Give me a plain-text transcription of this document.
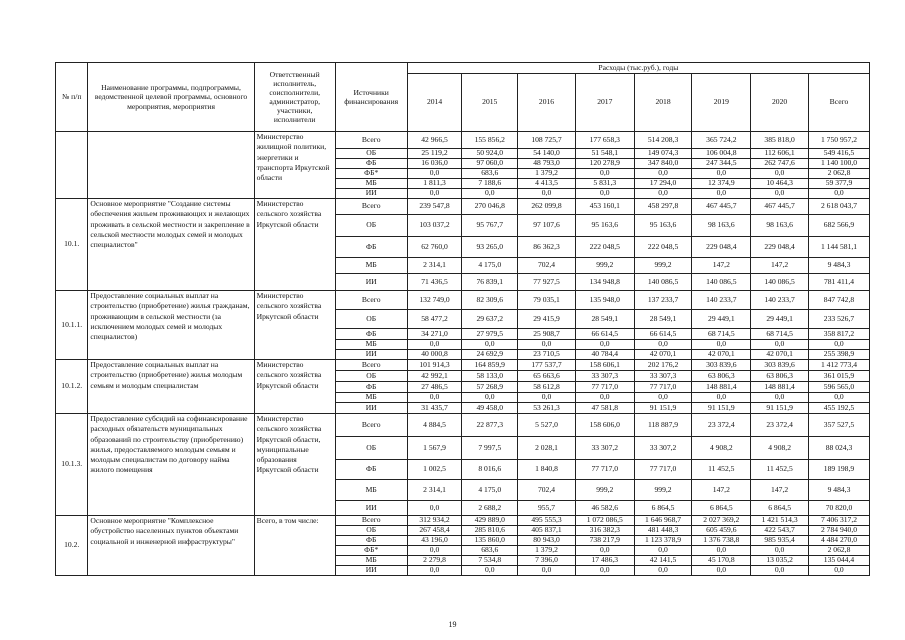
№ п/п	Наименование программы, подпрограммы, ведомственной целевой программы, основного мероприятия, мероприятия	Ответственный исполнитель, соисполнители, администратор, участники, исполнители	Источники финансирования	Расходы (тыс.руб.), годы							
				2014	2015	2016	2017	2018	2019	2020	Всего
		Министерство жилищной политики, энергетики и транспорта Иркутской области	Всего	42 966,5	155 856,2	108 725,7	177 658,3	514 208,3	365 724,2	385 818,0	1 750 957,2
			ОБ	25 119,2	50 924,0	54 140,0	51 548,1	149 074,3	106 004,8	112 606,1	549 416,5
			ФБ	16 036,0	97 060,0	48 793,0	120 278,9	347 840,0	247 344,5	262 747,6	1 140 100,0
			ФБ*	0,0	683,6	1 379,2	0,0	0,0	0,0	0,0	2 062,8
			МБ	1 811,3	7 188,6	4 413,5	5 831,3	17 294,0	12 374,9	10 464,3	59 377,9
			ИИ	0,0	0,0	0,0	0,0	0,0	0,0	0,0	0,0
10.1.	Основное мероприятие "Создание системы обеспечения жильем проживающих и желающих проживать в сельской местности и закрепление в сельской местности молодых семей и молодых специалистов"	Министерство сельского хозяйства Иркутской области	Всего	239 547,8	270 046,8	262 099,8	453 160,1	458 297,8	467 445,7	467 445,7	2 618 043,7
			ОБ	103 037,2	95 767,7	97 107,6	95 163,6	95 163,6	98 163,6	98 163,6	682 566,9
			ФБ	62 760,0	93 265,0	86 362,3	222 048,5	222 048,5	229 048,4	229 048,4	1 144 581,1
			МБ	2 314,1	4 175,0	702,4	999,2	999,2	147,2	147,2	9 484,3
			ИИ	71 436,5	76 839,1	77 927,5	134 948,8	140 086,5	140 086,5	140 086,5	781 411,4
10.1.1.	Предоставление социальных выплат на строительство (приобретение) жилья гражданам, проживающим в сельской местности (за исключением молодых семей и молодых специалистов)	Министерство сельского хозяйства Иркутской области	Всего	132 749,0	82 309,6	79 035,1	135 948,0	137 233,7	140 233,7	140 233,7	847 742,8
			ОБ	58 477,2	29 637,2	29 415,9	28 549,1	28 549,1	29 449,1	29 449,1	233 526,7
			ФБ	34 271,0	27 979,5	25 908,7	66 614,5	66 614,5	68 714,5	68 714,5	358 817,2
			МБ	0,0	0,0	0,0	0,0	0,0	0,0	0,0	0,0
			ИИ	40 000,8	24 692,9	23 710,5	40 784,4	42 070,1	42 070,1	42 070,1	255 398,9
10.1.2.	Предоставление социальных выплат на строительство (приобретение) жилья молодым семьям и молодым специалистам	Министерство сельского хозяйства Иркутской области	Всего	101 914,3	164 859,9	177 537,7	158 606,1	202 176,2	303 839,6	303 839,6	1 412 773,4
			ОБ	42 992,1	58 133,0	65 663,6	33 307,3	33 307,3	63 806,3	63 806,3	361 015,9
			ФБ	27 486,5	57 268,9	58 612,8	77 717,0	77 717,0	148 881,4	148 881,4	596 565,0
			МБ	0,0	0,0	0,0	0,0	0,0	0,0	0,0	0,0
			ИИ	31 435,7	49 458,0	53 261,3	47 581,8	91 151,9	91 151,9	91 151,9	455 192,5
10.1.3.	Предоставление субсидий на софинансирование расходных обязательств муниципальных образований по строительству (приобретению) жилья, предоставляемого молодым семьям и молодым специалистам по договору найма жилого помещения	Министерство сельского хозяйства Иркутской области, муниципальные образования Иркутской области	Всего	4 884,5	22 877,3	5 527,0	158 606,0	118 887,9	23 372,4	23 372,4	357 527,5
			ОБ	1 567,9	7 997,5	2 028,1	33 307,2	33 307,2	4 908,2	4 908,2	88 024,3
			ФБ	1 002,5	8 016,6	1 840,8	77 717,0	77 717,0	11 452,5	11 452,5	189 198,9
			МБ	2 314,1	4 175,0	702,4	999,2	999,2	147,2	147,2	9 484,3
			ИИ	0,0	2 688,2	955,7	46 582,6	6 864,5	6 864,5	6 864,5	70 820,0
10.2.	Основное мероприятие "Комплексное обустройство населенных пунктов объектами социальной и инженерной инфраструктуры"	Всего, в том числе:	Всего	312 934,2	429 889,0	495 555,3	1 072 086,5	1 646 968,7	2 027 369,2	1 421 514,3	7 406 317,2
			ОБ	267 458,4	285 810,6	405 837,1	316 382,3	481 448,3	605 459,6	422 543,7	2 784 940,0
			ФБ	43 196,0	135 860,0	80 943,0	738 217,9	1 123 378,9	1 376 738,8	985 935,4	4 484 270,0
			ФБ*	0,0	683,6	1 379,2	0,0	0,0	0,0	0,0	2 062,8
			МБ	2 279,8	7 534,8	7 396,0	17 486,3	42 141,5	45 170,8	13 035,2	135 044,4
			ИИ	0,0	0,0	0,0	0,0	0,0	0,0	0,0	0,0
19
